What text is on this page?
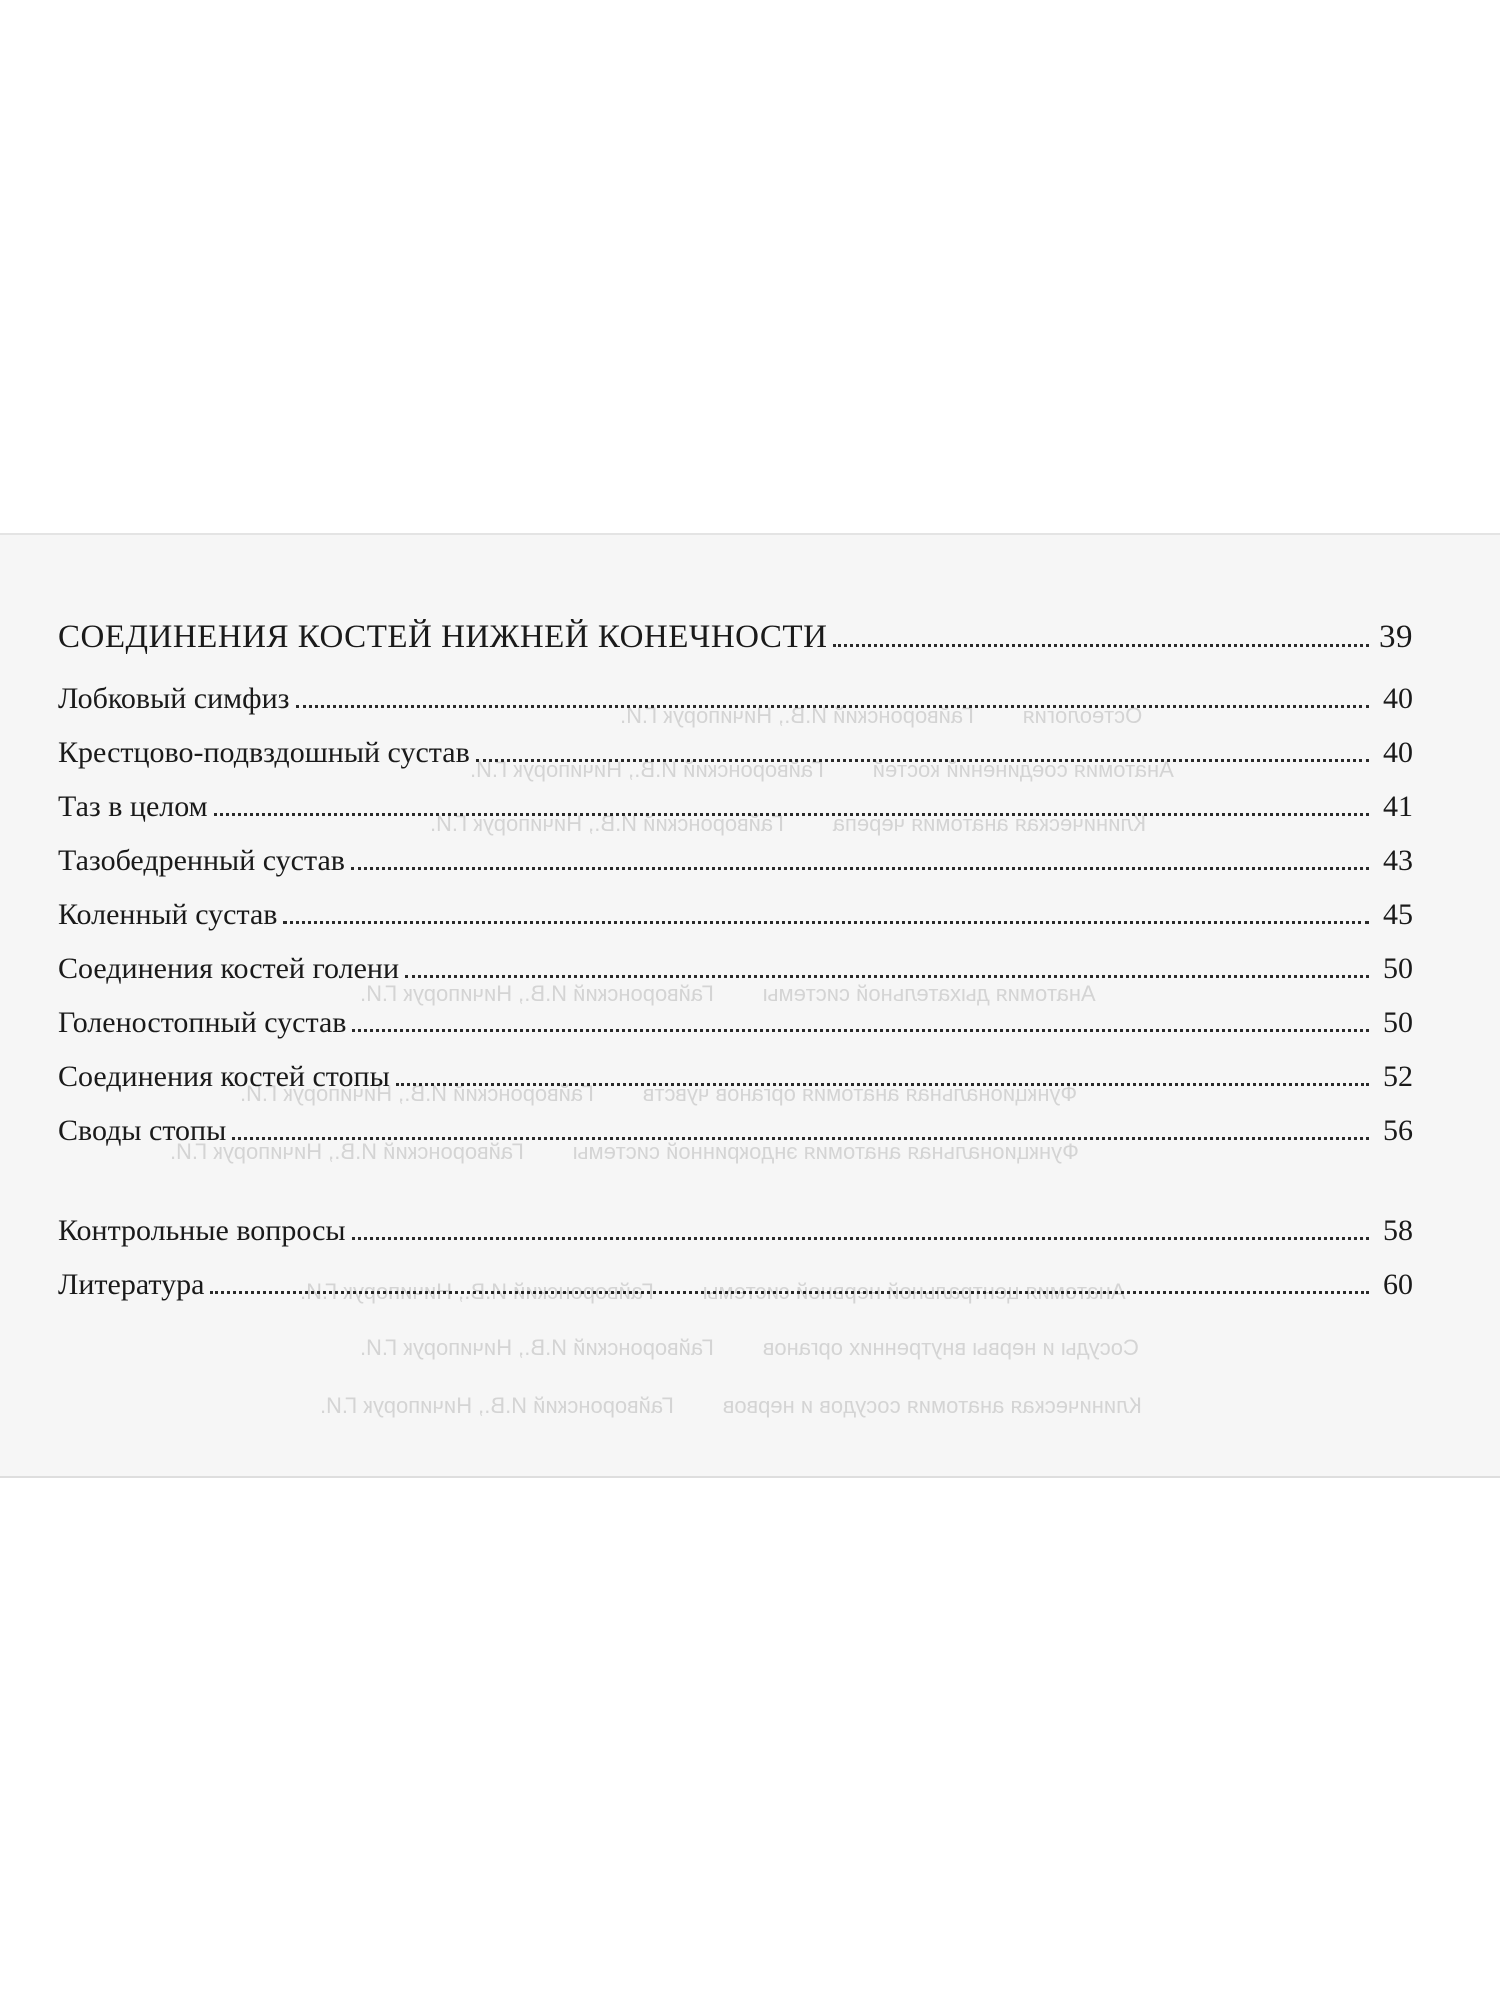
Остеология        Гайворонский И.В., Ничипорук Г.И.
Анатомия соединений костей        Гайворонский И.В., Ничипорук Г.И.
Клиническая анатомия черепа        Гайворонский И.В., Ничипорук Г.И.
Анатомия дыхательной системы        Гайворонский И.В., Ничипорук Г.И.
Функциональная анатомия органов чувств        Гайворонский И.В., Ничипорук Г.И.
Функциональная анатомия эндокринной системы        Гайворонский И.В., Ничипорук Г.И.
Анатомия центральной нервной системы        Гайворонский И.В., Ничипорук Г.И.
Сосуды и нервы внутренних органов        Гайворонский И.В., Ничипорук Г.И.
Клиническая анатомия сосудов и нервов        Гайворонский И.В., Ничипорук Г.И.
СОЕДИНЕНИЯ КОСТЕЙ НИЖНЕЙ КОНЕЧНОСТИ	39
Лобковый симфиз	40
Крестцово-подвздошный сустав	40
Таз в целом	41
Тазобедренный сустав	43
Коленный сустав	45
Соединения костей голени	50
Голеностопный сустав	50
Соединения костей стопы	52
Своды стопы	56
Контрольные вопросы	58
Литература	60
